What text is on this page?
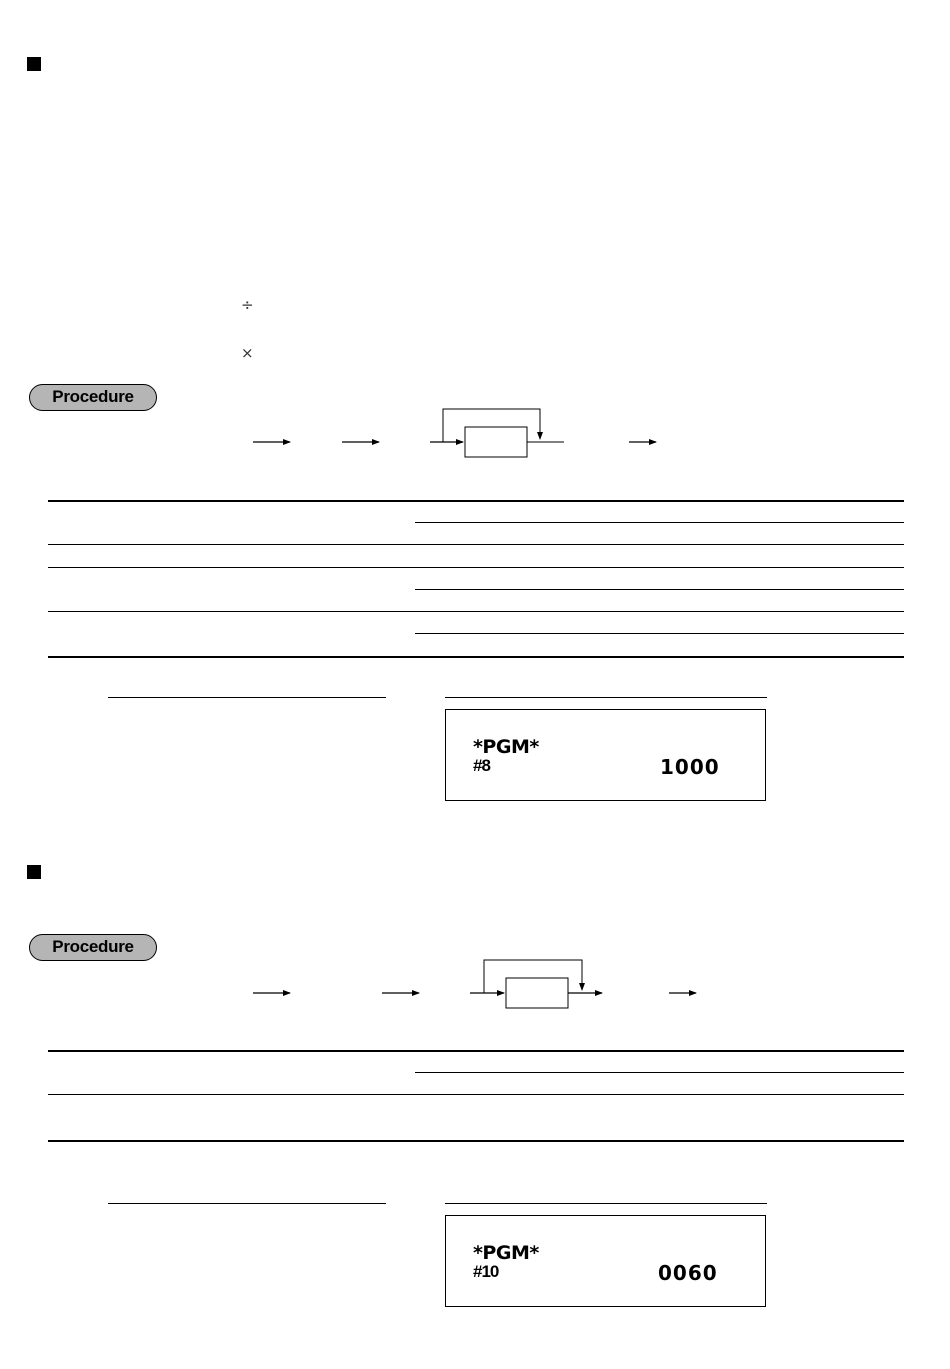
÷
×
Procedure
*PGM*
#8	1000
Procedure
*PGM*
#10	0060
